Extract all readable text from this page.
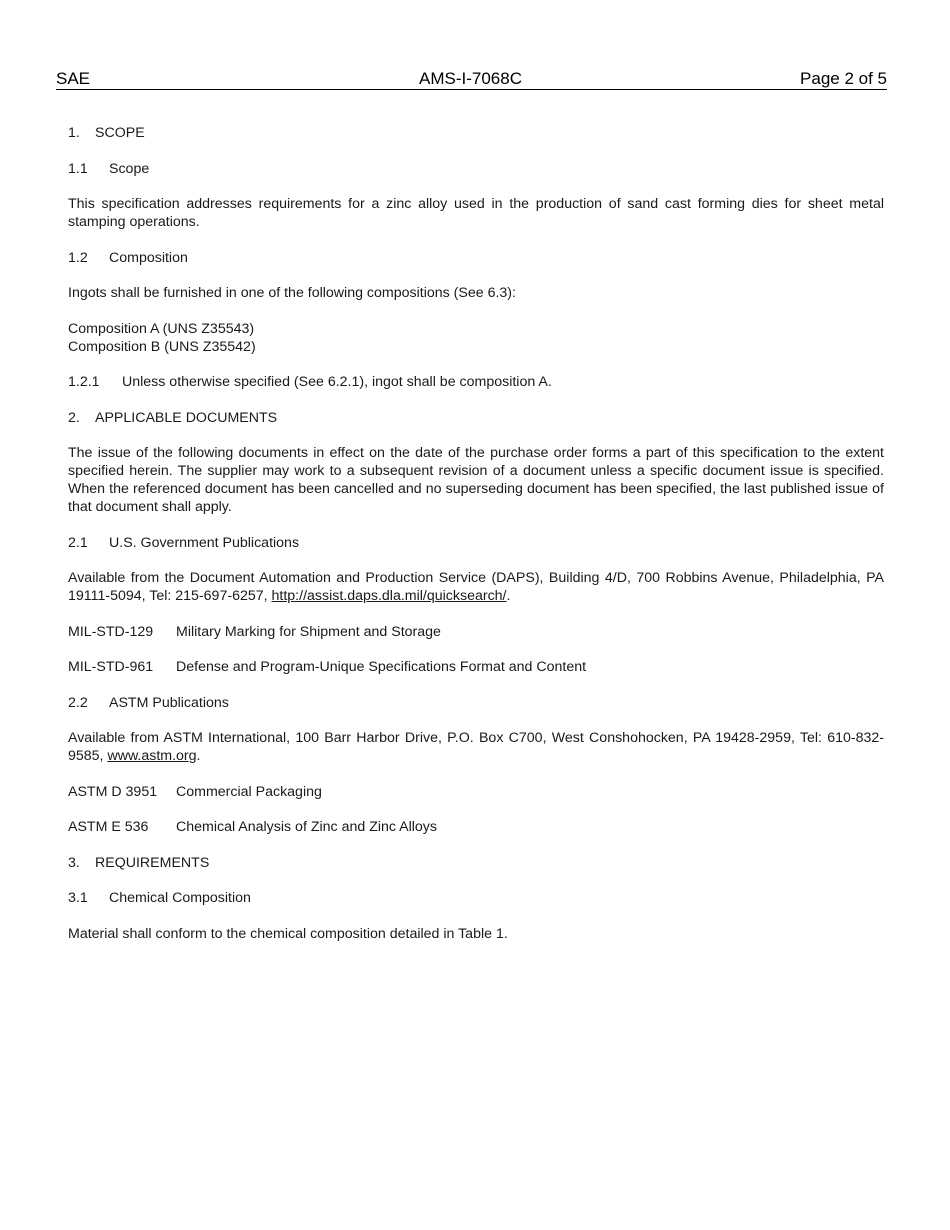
SAE	AMS-I-7068C	Page 2 of 5
1. SCOPE
1.1 Scope
This specification addresses requirements for a zinc alloy used in the production of sand cast forming dies for sheet metal stamping operations.
1.2 Composition
Ingots shall be furnished in one of the following compositions (See 6.3):
Composition A (UNS Z35543)
Composition B (UNS Z35542)
1.2.1 Unless otherwise specified (See 6.2.1), ingot shall be composition A.
2. APPLICABLE DOCUMENTS
The issue of the following documents in effect on the date of the purchase order forms a part of this specification to the extent specified herein. The supplier may work to a subsequent revision of a document unless a specific document issue is specified. When the referenced document has been cancelled and no superseding document has been specified, the last published issue of that document shall apply.
2.1 U.S. Government Publications
Available from the Document Automation and Production Service (DAPS), Building 4/D, 700 Robbins Avenue, Philadelphia, PA 19111-5094, Tel: 215-697-6257, http://assist.daps.dla.mil/quicksearch/.
MIL-STD-129 Military Marking for Shipment and Storage
MIL-STD-961 Defense and Program-Unique Specifications Format and Content
2.2 ASTM Publications
Available from ASTM International, 100 Barr Harbor Drive, P.O. Box C700, West Conshohocken, PA 19428-2959, Tel: 610-832-9585, www.astm.org.
ASTM D 3951 Commercial Packaging
ASTM E 536 Chemical Analysis of Zinc and Zinc Alloys
3. REQUIREMENTS
3.1 Chemical Composition
Material shall conform to the chemical composition detailed in Table 1.
